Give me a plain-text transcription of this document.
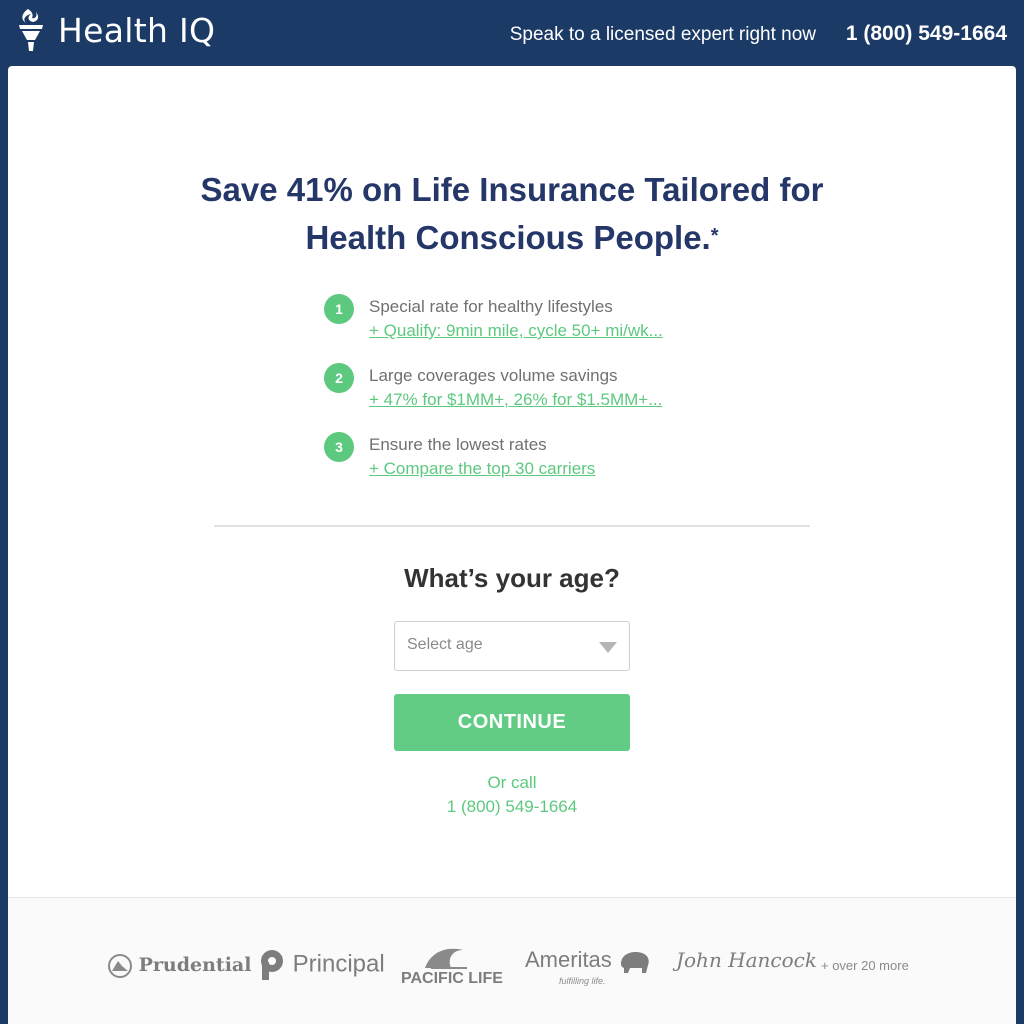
Health IQ	Speak to a licensed expert right now 1 (800) 549-1664
Save 41% on Life Insurance Tailored for
Health Conscious People.*
1	Special rate for healthy lifestyles
+ Qualify: 9min mile, cycle 50+ mi/wk...
2	Large coverages volume savings
+ 47% for $1MM+, 26% for $1.5MM+...
3	Ensure the lowest rates
+ Compare the top 30 carriers
What’s your age?
Select age
CONTINUE
Or call
1 (800) 549-1664
Prudential	Principal
PACIFIC LIFE
Ameritas
fulfilling life.
John Hancock + over 20 more
